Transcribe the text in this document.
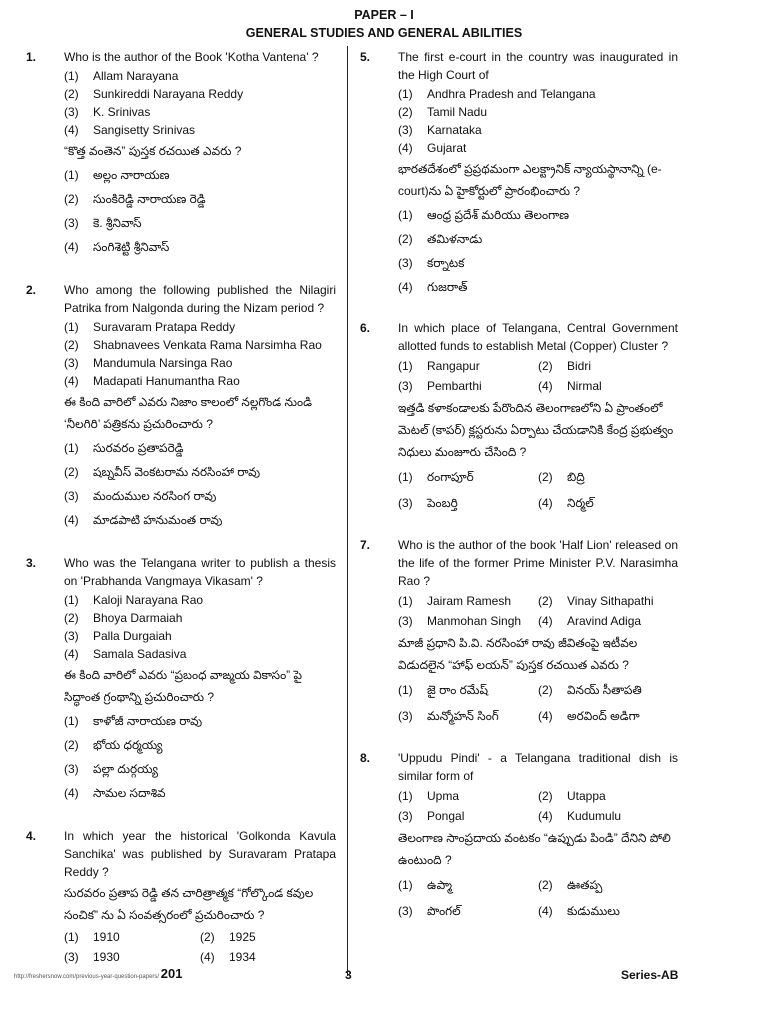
PAPER – I
GENERAL STUDIES AND GENERAL ABILITIES
1.	Who is the author of the Book 'Kotha Vantena' ?
(1)	Allam Narayana
(2)	Sunkireddi Narayana Reddy
(3)	K. Srinivas
(4)	Sangisetty Srinivas
“కొత్త వంతెన” పుస్తక రచయిత ఎవరు ?
(1)	అల్లం నారాయణ
(2)	సుంకిరెడ్డి నారాయణ రెడ్డి
(3)	కె. శ్రీనివాస్
(4)	సంగిశెట్టి శ్రీనివాస్
2.	Who among the following published the Nilagiri Patrika from Nalgonda during the Nizam period ?
(1)	Suravaram Pratapa Reddy
(2)	Shabnavees Venkata Rama Narsimha Rao
(3)	Mandumula Narsinga Rao
(4)	Madapati Hanumantha Rao
ఈ కింది వారిలో ఎవరు నిజాం కాలంలో నల్లగొండ నుండి ‘నీలగిరి’ పత్రికను ప్రచురించారు ?
(1)	సురవరం ప్రతాపరెడ్డి
(2)	షబ్నవీస్ వెంకటరామ నరసింహా రావు
(3)	మందుముల నరసింగ రావు
(4)	మాడపాటి హనుమంత రావు
3.	Who was the Telangana writer to publish a thesis on 'Prabhanda Vangmaya Vikasam' ?
(1)	Kaloji Narayana Rao
(2)	Bhoya Darmaiah
(3)	Palla Durgaiah
(4)	Samala Sadasiva
ఈ కింది వారిలో ఎవరు “ప్రబంధ వాఙ్మయ వికాసం” పై సిద్ధాంత గ్రంథాన్ని ప్రచురించారు ?
(1)	కాళోజీ నారాయణ రావు
(2)	భోయ ధర్మయ్య
(3)	పల్లా దుర్గయ్య
(4)	సామల సదాశివ
4.	In which year the historical 'Golkonda Kavula Sanchika' was published by Suravaram Pratapa Reddy ?
సురవరం ప్రతాప రెడ్డి తన చారిత్రాత్మక “గోల్కొండ కవుల సంచిక” ను ఏ సంవత్సరంలో ప్రచురించారు ?
(1)	1910	(2)	1925
(3)	1930	(4)	1934
5.	The first e-court in the country was inaugurated in the High Court of
(1)	Andhra Pradesh and Telangana
(2)	Tamil Nadu
(3)	Karnataka
(4)	Gujarat
భారతదేశంలో ప్రప్రథమంగా ఎలక్ట్రానిక్ న్యాయస్థానాన్ని (e-court)ను ఏ హైకోర్టులో ప్రారంభించారు ?
(1)	ఆంధ్ర ప్రదేశ్ మరియు తెలంగాణ
(2)	తమిళనాడు
(3)	కర్నాటక
(4)	గుజరాత్
6.	In which place of Telangana, Central Government allotted funds to establish Metal (Copper) Cluster ?
(1)	Rangapur	(2)	Bidri
(3)	Pembarthi	(4)	Nirmal
ఇత్తడి కళాకండాలకు పేరొందిన తెలంగాణలోని ఏ ప్రాంతంలో మెటల్ (కాపర్) క్లస్టరును ఏర్పాటు చేయడానికి కేంద్ర ప్రభుత్వం నిధులు మంజూరు చేసింది ?
(1)	రంగాపూర్	(2)	బిద్రి
(3)	పెంబర్తి	(4)	నిర్మల్
7.	Who is the author of the book 'Half Lion' released on the life of the former Prime Minister P.V. Narasimha Rao ?
(1)	Jairam Ramesh	(2)	Vinay Sithapathi
(3)	Manmohan Singh	(4)	Aravind Adiga
మాజీ ప్రధాని పి.వి. నరసింహా రావు జీవితంపై ఇటీవల విడుదలైన “హాఫ్ లయన్” పుస్తక రచయిత ఎవరు ?
(1)	జై రాం రమేష్	(2)	వినయ్ సీతాపతి
(3)	మన్మోహన్ సింగ్	(4)	అరవింద్ అడిగా
8.	'Uppudu Pindi' - a Telangana traditional dish is similar form of
(1)	Upma	(2)	Utappa
(3)	Pongal	(4)	Kudumulu
తెలంగాణ సాంప్రదాయ వంటకం “ఉప్పుడు పిండి” దేనిని పోలి ఉంటుంది ?
(1)	ఉప్మా	(2)	ఊతప్ప
(3)	పొంగల్	(4)	కుడుములు
http://freshersnow.com/previous-year-question-papers/ 201	3	Series-AB
